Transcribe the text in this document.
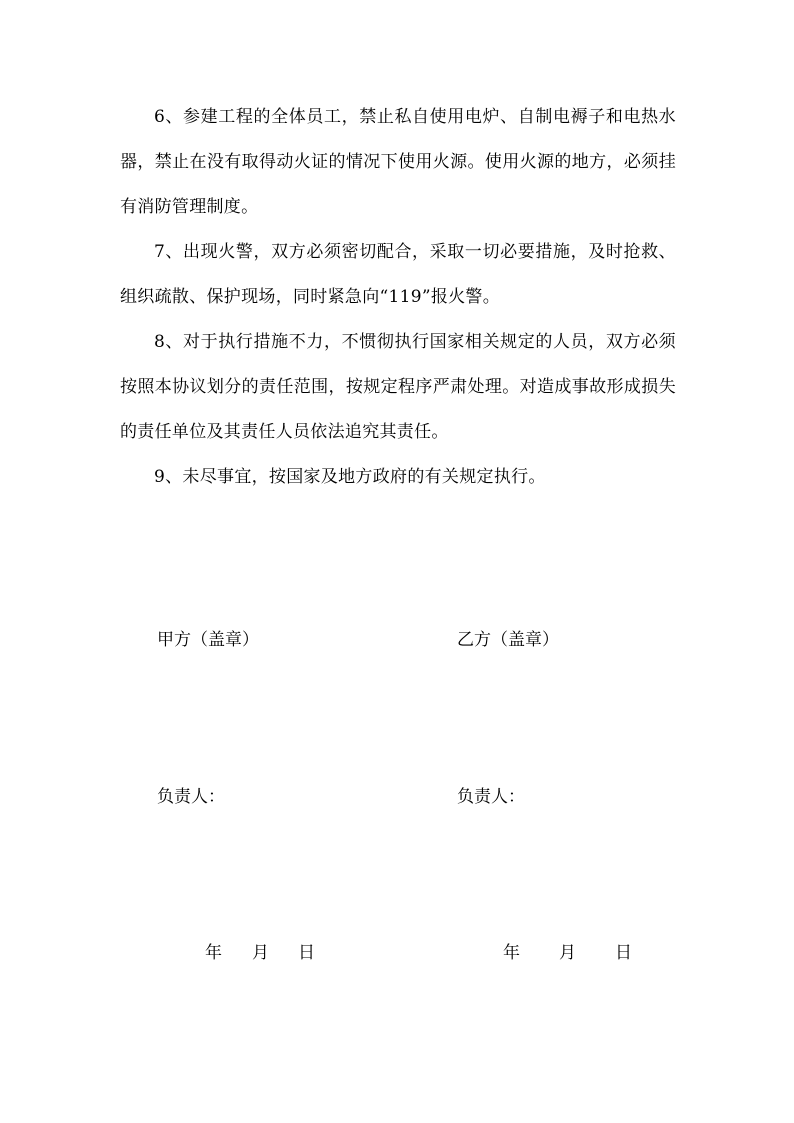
6、参建工程的全体员工，禁止私自使用电炉、自制电褥子和电热水器，禁止在没有取得动火证的情况下使用火源。使用火源的地方，必须挂有消防管理制度。

7、出现火警，双方必须密切配合，采取一切必要措施，及时抢救、组织疏散、保护现场，同时紧急向“119”报火警。

8、对于执行措施不力，不惯彻执行国家相关规定的人员，双方必须按照本协议划分的责任范围，按规定程序严肃处理。对造成事故形成损失的责任单位及其责任人员依法追究其责任。

9、未尽事宜，按国家及地方政府的有关规定执行。

甲方（盖章）	乙方（盖章）
负责人：	负责人：
年 月 日	年 月 日
